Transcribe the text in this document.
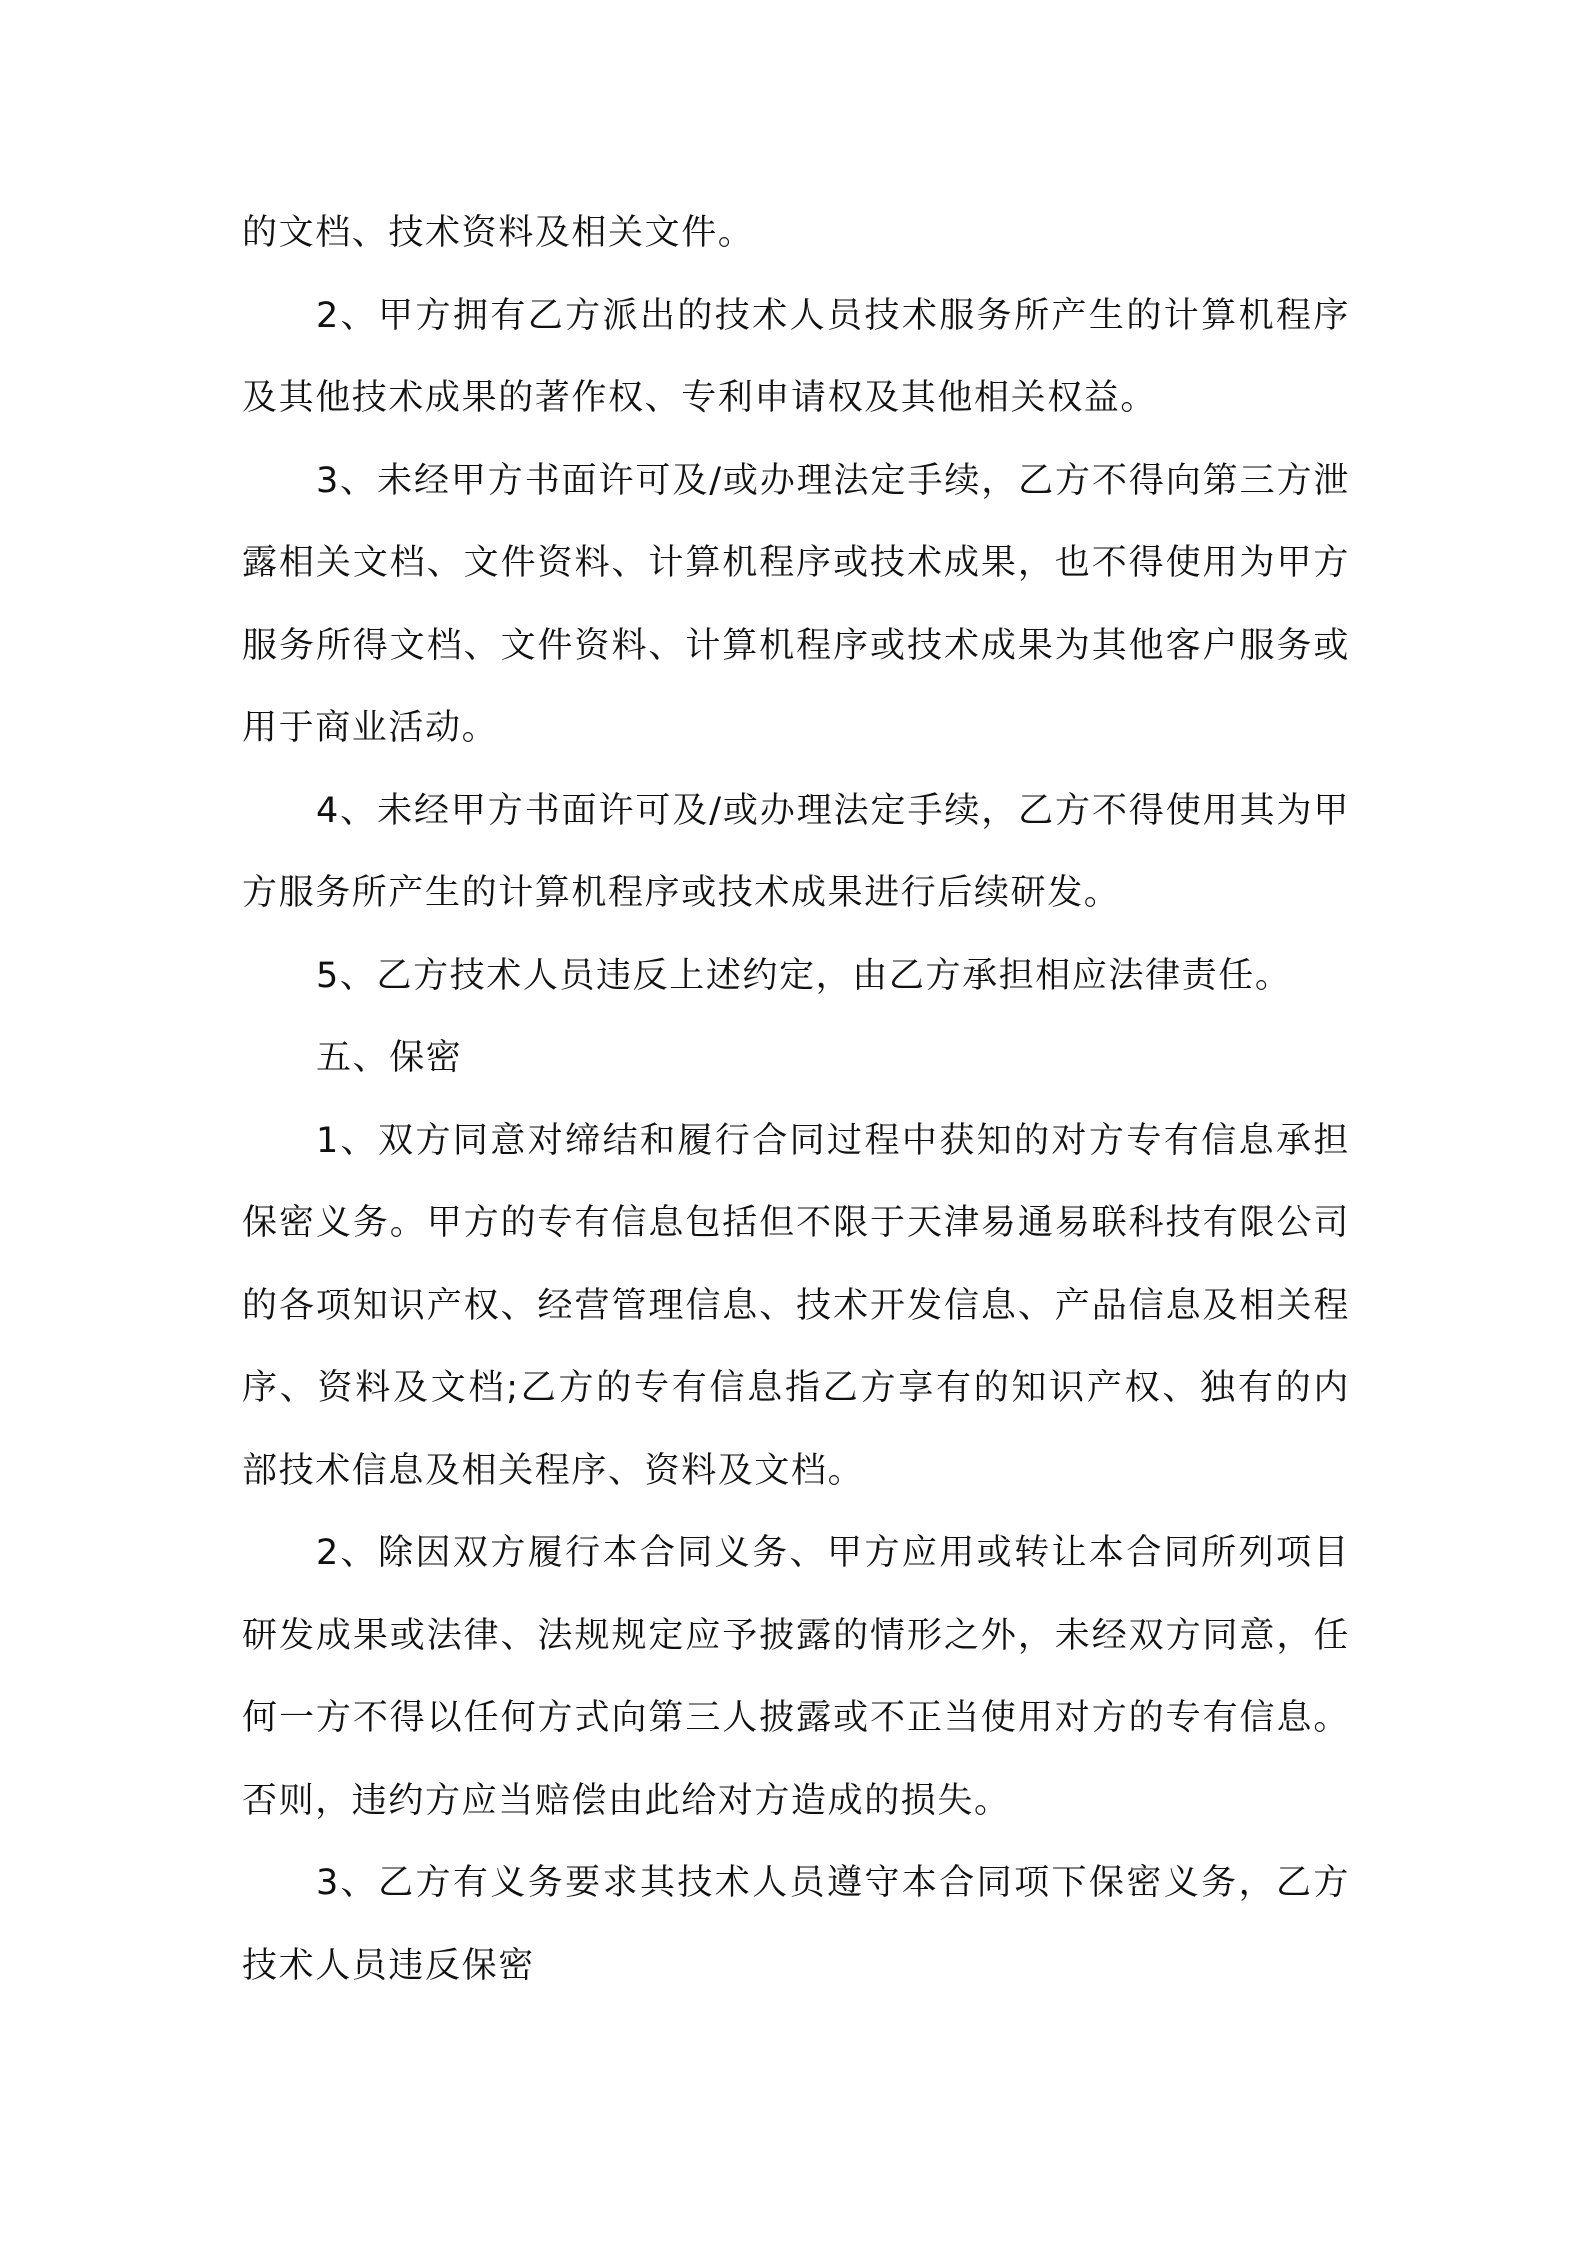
的文档、技术资料及相关文件。

2、甲方拥有乙方派出的技术人员技术服务所产生的计算机程序及其他技术成果的著作权、专利申请权及其他相关权益。

3、未经甲方书面许可及/或办理法定手续，乙方不得向第三方泄露相关文档、文件资料、计算机程序或技术成果，也不得使用为甲方服务所得文档、文件资料、计算机程序或技术成果为其他客户服务或用于商业活动。

4、未经甲方书面许可及/或办理法定手续，乙方不得使用其为甲方服务所产生的计算机程序或技术成果进行后续研发。

5、乙方技术人员违反上述约定，由乙方承担相应法律责任。

五、保密

1、双方同意对缔结和履行合同过程中获知的对方专有信息承担保密义务。甲方的专有信息包括但不限于天津易通易联科技有限公司的各项知识产权、经营管理信息、技术开发信息、产品信息及相关程序、资料及文档;乙方的专有信息指乙方享有的知识产权、独有的内部技术信息及相关程序、资料及文档。

2、除因双方履行本合同义务、甲方应用或转让本合同所列项目研发成果或法律、法规规定应予披露的情形之外，未经双方同意，任何一方不得以任何方式向第三人披露或不正当使用对方的专有信息。否则，违约方应当赔偿由此给对方造成的损失。

3、乙方有义务要求其技术人员遵守本合同项下保密义务，乙方技术人员违反保密
